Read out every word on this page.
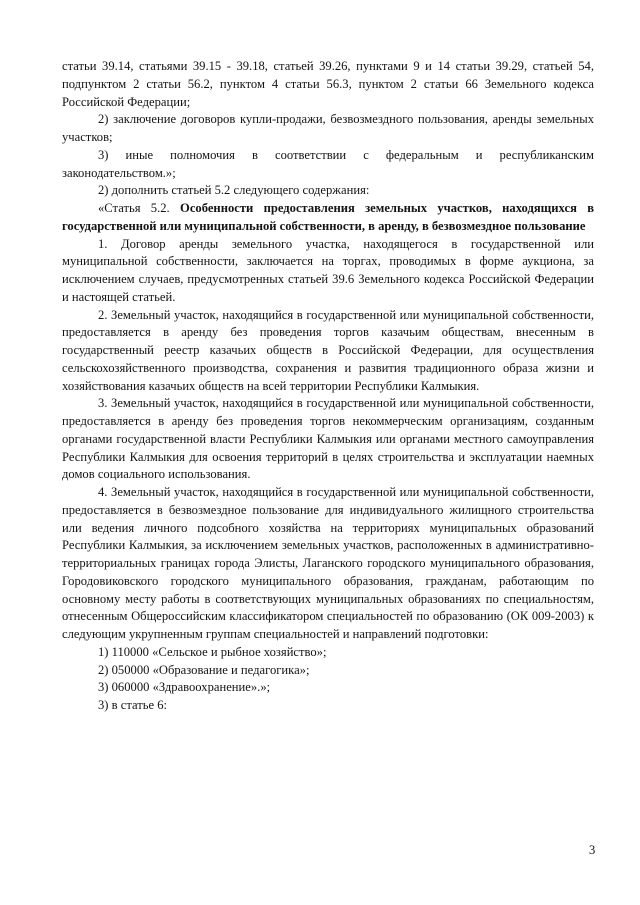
статьи 39.14, статьями 39.15 - 39.18, статьей 39.26, пунктами 9 и 14 статьи 39.29, статьей 54, подпунктом 2 статьи 56.2, пунктом 4 статьи 56.3, пунктом 2 статьи 66 Земельного кодекса Российской Федерации;

2) заключение договоров купли-продажи, безвозмездного пользования, аренды земельных участков;

3) иные полномочия в соответствии с федеральным и республиканским законодательством.»;

2) дополнить статьей 5.2 следующего содержания:

«Статья 5.2. Особенности предоставления земельных участков, находящихся в государственной или муниципальной собственности, в аренду, в безвозмездное пользование

1. Договор аренды земельного участка, находящегося в государственной или муниципальной собственности, заключается на торгах, проводимых в форме аукциона, за исключением случаев, предусмотренных статьей 39.6 Земельного кодекса Российской Федерации и настоящей статьей.

2. Земельный участок, находящийся в государственной или муниципальной собственности, предоставляется в аренду без проведения торгов казачьим обществам, внесенным в государственный реестр казачьих обществ в Российской Федерации, для осуществления сельскохозяйственного производства, сохранения и развития традиционного образа жизни и хозяйствования казачьих обществ на всей территории Республики Калмыкия.

3. Земельный участок, находящийся в государственной или муниципальной собственности, предоставляется в аренду без проведения торгов некоммерческим организациям, созданным органами государственной власти Республики Калмыкия или органами местного самоуправления Республики Калмыкия для освоения территорий в целях строительства и эксплуатации наемных домов социального использования.

4. Земельный участок, находящийся в государственной или муниципальной собственности, предоставляется в безвозмездное пользование для индивидуального жилищного строительства или ведения личного подсобного хозяйства на территориях муниципальных образований Республики Калмыкия, за исключением земельных участков, расположенных в административно-территориальных границах города Элисты, Лаганского городского муниципального образования, Городовиковского городского муниципального образования, гражданам, работающим по основному месту работы в соответствующих муниципальных образованиях по специальностям, отнесенным Общероссийским классификатором специальностей по образованию (ОК 009-2003) к следующим укрупненным группам специальностей и направлений подготовки:

1) 110000 «Сельское и рыбное хозяйство»;

2) 050000 «Образование и педагогика»;

3) 060000 «Здравоохранение».»;

3) в статье 6:

3
